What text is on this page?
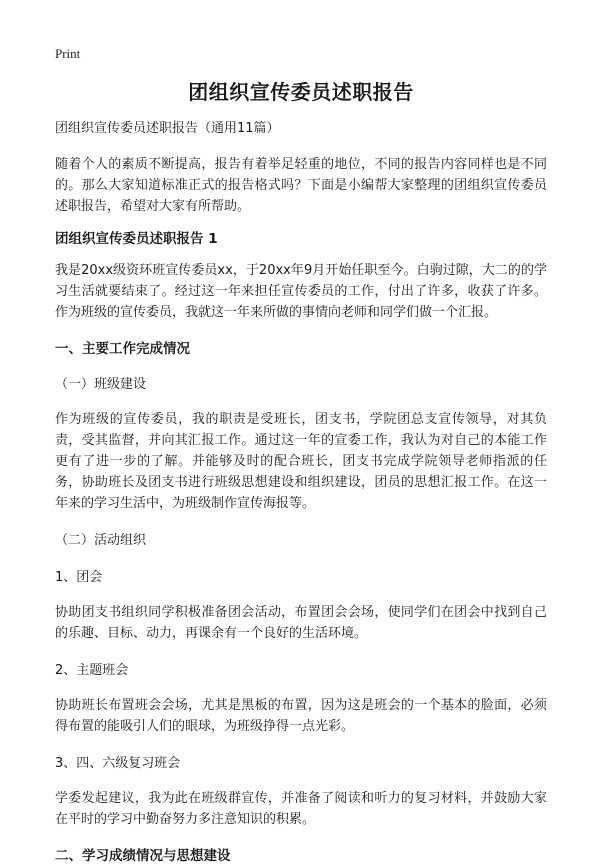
Print
团组织宣传委员述职报告

团组织宣传委员述职报告（通用11篇）

随着个人的素质不断提高，报告有着举足轻重的地位，不同的报告内容同样也是不同的。那么大家知道标准正式的报告格式吗？下面是小编帮大家整理的团组织宣传委员述职报告，希望对大家有所帮助。

团组织宣传委员述职报告 1

我是20xx级资环班宣传委员xx，于20xx年9月开始任职至今。白驹过隙，大二的的学习生活就要结束了。经过这一年来担任宣传委员的工作，付出了许多，收获了许多。作为班级的宣传委员，我就这一年来所做的事情向老师和同学们做一个汇报。

一、主要工作完成情况
（一）班级建设

作为班级的宣传委员，我的职责是受班长，团支书，学院团总支宣传领导，对其负责，受其监督，并向其汇报工作。通过这一年的宣委工作，我认为对自己的本能工作更有了进一步的了解。并能够及时的配合班长，团支书完成学院领导老师指派的任务，协助班长及团支书进行班级思想建设和组织建设，团员的思想汇报工作。在这一年来的学习生活中，为班级制作宣传海报等。

（二）活动组织
1、团会

协助团支书组织同学积极准备团会活动，布置团会会场，使同学们在团会中找到自己的乐趣、目标、动力，再课余有一个良好的生活环境。

2、主题班会

协助班长布置班会会场，尤其是黑板的布置，因为这是班会的一个基本的脸面，必须得布置的能吸引人们的眼球，为班级挣得一点光彩。

3、四、六级复习班会

学委发起建议，我为此在班级群宣传，并准备了阅读和听力的复习材料，并鼓励大家在平时的学习中勤奋努力多注意知识的积累。

二、学习成绩情况与思想建设
